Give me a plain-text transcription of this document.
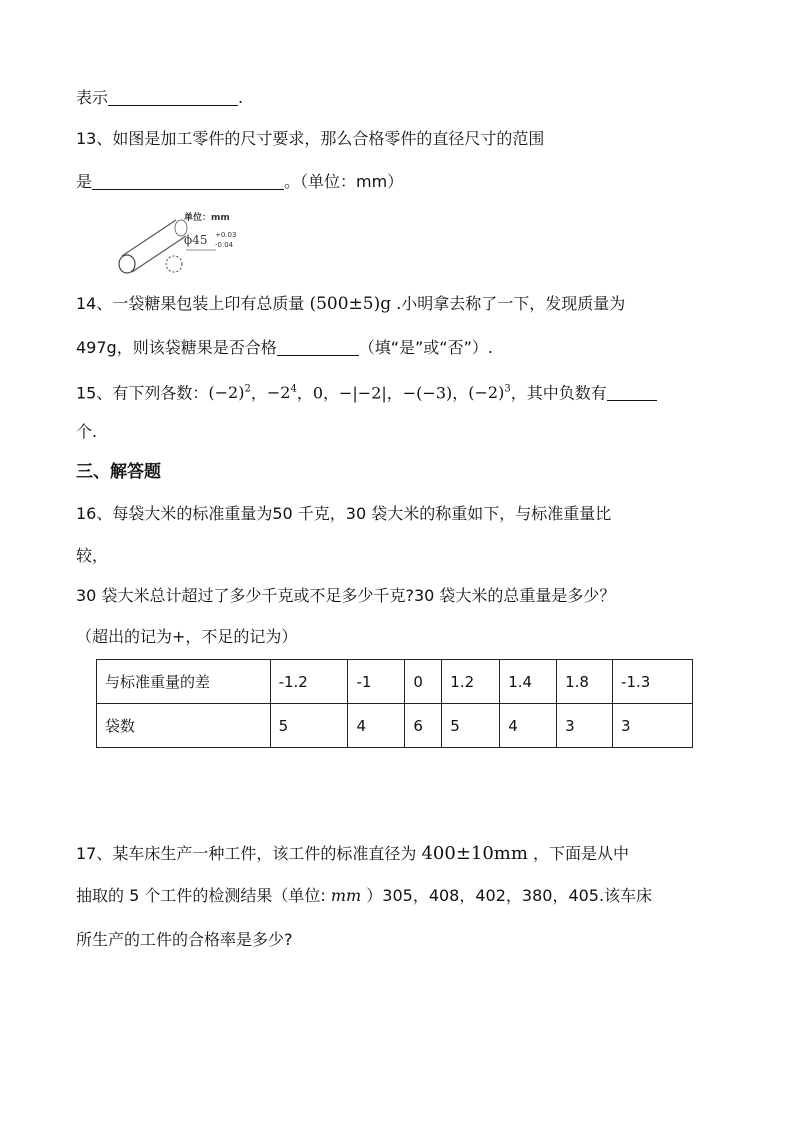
表示	.
13、如图是加工零件的尺寸要求，那么合格零件的直径尺寸的范围
是	。（单位：mm）
单位：mm
ϕ45 +0.03
-0.04
14、一袋糖果包装上印有总质量 (500±5)g .小明拿去称了一下，发现质量为
497g，则该袋糖果是否合格	（填“是”或“否”）.
15、有下列各数：$(-2)^2$，$-2^4$，0，−|−2|，−(−3)，$(-2)^3$，其中负数有
个.
三、解答题
16、每袋大米的标准重量为50 千克，30 袋大米的称重如下，与标准重量比
较，
30 袋大米总计超过了多少千克或不足多少千克?30 袋大米的总重量是多少？
（超出的记为+，不足的记为）
与标准重量的差	-1.2	-1	0	1.2	1.4	1.8	-1.3
袋数	5	4	6	5	4	3	3
17、某车床生产一种工件，该工件的标准直径为 400±10mm ，下面是从中
抽取的 5 个工件的检测结果（单位: mm ）305，408，402，380，405.该车床
所生产的工件的合格率是多少?
